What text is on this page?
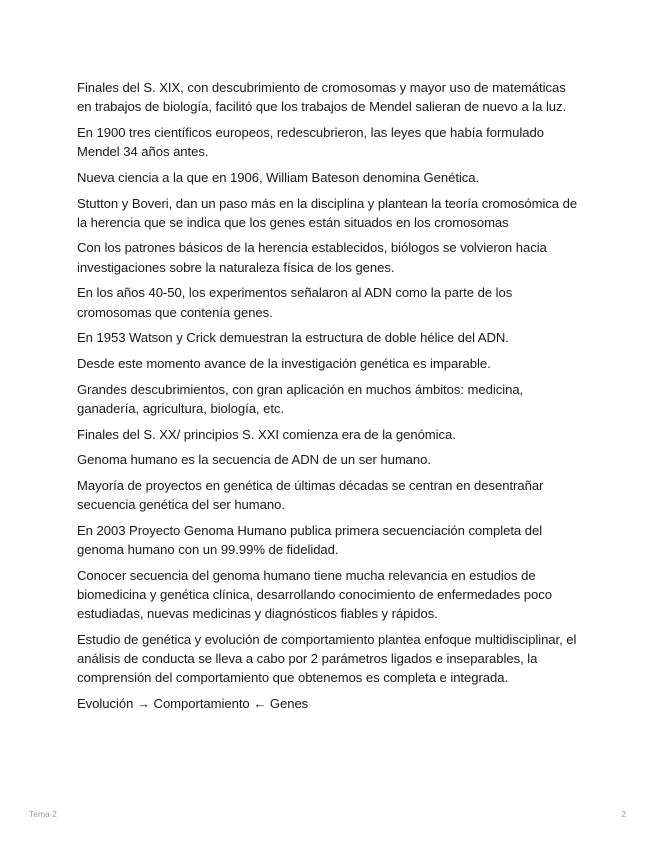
Finales del S. XIX, con descubrimiento de cromosomas y mayor uso de matemáticas en trabajos de biología, facilitó que los trabajos de Mendel salieran de nuevo a la luz.

En 1900 tres científicos europeos, redescubrieron, las leyes que había formulado Mendel 34 años antes.

Nueva ciencia a la que en 1906, William Bateson denomina Genética.

Stutton y Boveri, dan un paso más en la disciplina y plantean la teoría cromosómica de la herencia que se indica que los genes están situados en los cromosomas

Con los patrones básicos de la herencia establecidos, biólogos se volvieron hacia investigaciones sobre la naturaleza física de los genes.

En los años 40-50, los experimentos señalaron al ADN como la parte de los cromosomas que contenía genes.

En 1953 Watson y Crick demuestran la estructura de doble hélice del ADN.

Desde este momento avance de la investigación genética es imparable.

Grandes descubrimientos, con gran aplicación en muchos ámbitos: medicina, ganadería, agricultura, biología, etc.

Finales del S. XX/ principios S. XXI comienza era de la genómica.

Genoma humano es la secuencia de ADN de un ser humano.

Mayoría de proyectos en genética de últimas décadas se centran en desentrañar secuencia genética del ser humano.

En 2003 Proyecto Genoma Humano publica primera secuenciación completa del genoma humano con un 99.99% de fidelidad.

Conocer secuencia del genoma humano tiene mucha relevancia en estudios de biomedicina y genética clínica, desarrollando conocimiento de enfermedades poco estudiadas, nuevas medicinas y diagnósticos fiables y rápidos.

Estudio de genética y evolución de comportamiento plantea enfoque multidisciplinar, el análisis de conducta se lleva a cabo por 2 parámetros ligados e inseparables, la comprensión del comportamiento que obtenemos es completa e integrada.

Evolución → Comportamiento ← Genes

Tema 2	2
